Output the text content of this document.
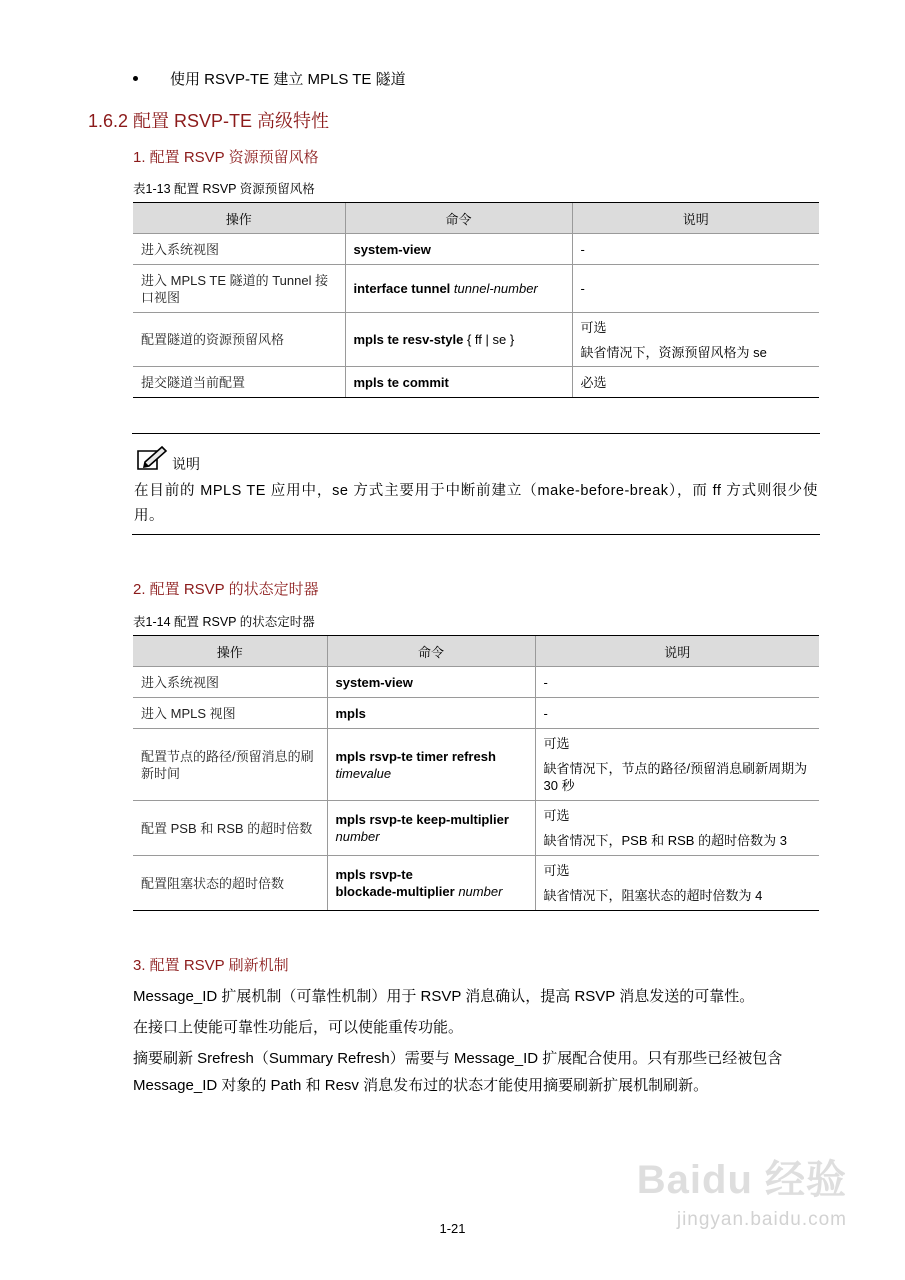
使用 RSVP-TE 建立 MPLS TE 隧道
1.6.2 配置 RSVP-TE 高级特性
1. 配置 RSVP 资源预留风格
表1-13 配置 RSVP 资源预留风格
操作	命令	说明
进入系统视图	system-view	-
进入 MPLS TE 隧道的 Tunnel 接口视图	interface tunnel tunnel-number	-
配置隧道的资源预留风格	mpls te resv-style { ff | se }	可选
缺省情况下，资源预留风格为 se

提交隧道当前配置	mpls te commit	必选
说明
在目前的 MPLS TE 应用中，se 方式主要用于中断前建立（make-before-break），而 ff 方式则很少使用。
2. 配置 RSVP 的状态定时器
表1-14 配置 RSVP 的状态定时器
操作	命令	说明
进入系统视图	system-view	-
进入 MPLS 视图	mpls	-
配置节点的路径/预留消息的刷新时间	mpls rsvp-te timer refresh
timevalue	可选
缺省情况下，节点的路径/预留消息刷新周期为 30 秒

配置 PSB 和 RSB 的超时倍数	mpls rsvp-te keep-multiplier
number	可选
缺省情况下，PSB 和 RSB 的超时倍数为 3

配置阻塞状态的超时倍数	mpls rsvp-te
blockade-multiplier number	可选
缺省情况下，阻塞状态的超时倍数为 4
3. 配置 RSVP 刷新机制
Message_ID 扩展机制（可靠性机制）用于 RSVP 消息确认，提高 RSVP 消息发送的可靠性。
在接口上使能可靠性功能后，可以使能重传功能。
摘要刷新 Srefresh（Summary Refresh）需要与 Message_ID 扩展配合使用。只有那些已经被包含 Message_ID 对象的 Path 和 Resv 消息发布过的状态才能使用摘要刷新扩展机制刷新。
Baidu 经验
jingyan.baidu.com
1-21
